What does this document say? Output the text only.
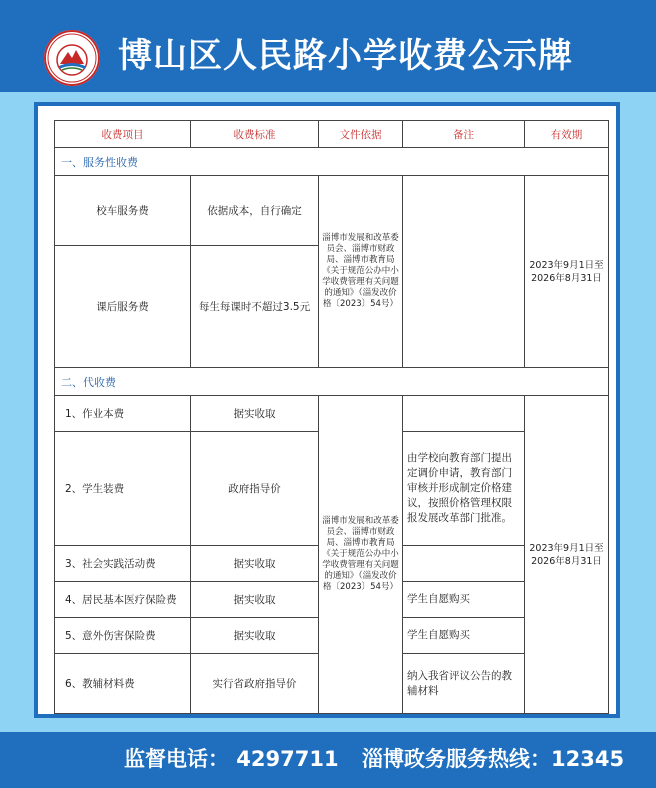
博山区人民路小学收费公示牌
收费项目	收费标准	文件依据	备注	有效期
一、服务性收费				
校车服务费	依据成本，自行确定	淄博市发展和改革委员会、淄博市财政局、淄博市教育局《关于规范公办中小学收费管理有关问题的通知》（淄发改价格〔2023〕54号）		2023年9月1日至2026年8月31日
课后服务费	每生每课时不超过3.5元			
二、代收费				
1、作业本费	据实收取	淄博市发展和改革委员会、淄博市财政局、淄博市教育局《关于规范公办中小学收费管理有关问题的通知》（淄发改价格〔2023〕54号）		2023年9月1日至2026年8月31日
2、学生装费	政府指导价		由学校向教育部门提出定调价申请，教育部门审核并形成制定价格建议，按照价格管理权限报发展改革部门批准。	
3、社会实践活动费	据实收取			
4、居民基本医疗保险费	据实收取		学生自愿购买	
5、意外伤害保险费	据实收取		学生自愿购买	
6、教辅材料费	实行省政府指导价		纳入我省评议公告的教辅材料	
监督电话： 4297711 淄博政务服务热线：12345
